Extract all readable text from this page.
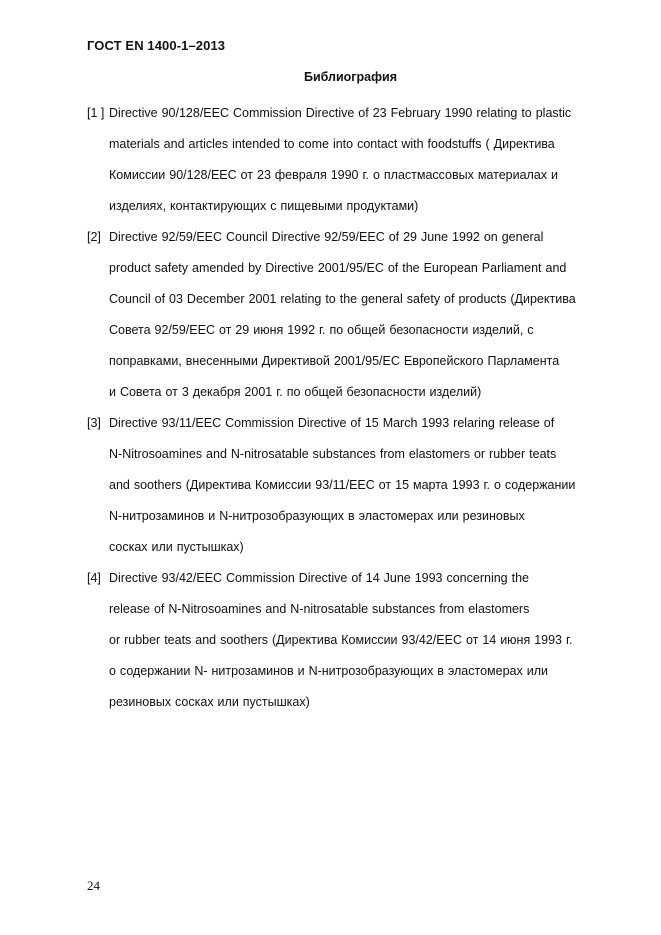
ГОСТ EN 1400-1–2013
Библиография
[1 ] Directive 90/128/EEC Commission Directive of 23 February 1990 relating to plastic
materials and articles intended to come into contact with foodstuffs ( Директива
Комиссии 90/128/EEC от 23 февраля 1990 г. о пластмассовых материалах и
изделиях, контактирующих с пищевыми продуктами)
[2] Directive 92/59/EEC Council Directive 92/59/EEC of 29 June 1992 on general
product safety amended by Directive 2001/95/EC of the European Parliament and
Council of 03 December 2001 relating to the general safety of products (Директива
Совета 92/59/EEC от 29 июня 1992 г. по общей безопасности изделий, с
поправками, внесенными Директивой 2001/95/EC Европейского Парламента
и Совета от 3 декабря 2001 г. по общей безопасности изделий)
[3] Directive 93/11/EEC Commission Directive of 15 March 1993 relaring release of
N-Nitrosoamines and N-nitrosatable substances from elastomers or rubber teats
and soothers (Директива Комиссии 93/11/EEC от 15 марта 1993 г. о содержании
N-нитрозаминов и N-нитрозобразующих в эластомерах или резиновых
сосках или пустышках)
[4] Directive 93/42/EEC Commission Directive of 14 June 1993 concerning the
release of N-Nitrosoamines and N-nitrosatable substances from elastomers
or rubber teats and soothers (Директива Комиссии 93/42/EEC от 14 июня 1993 г.
о содержании N- нитрозаминов и N-нитрозобразующих в эластомерах или
резиновых сосках или пустышках)
24
